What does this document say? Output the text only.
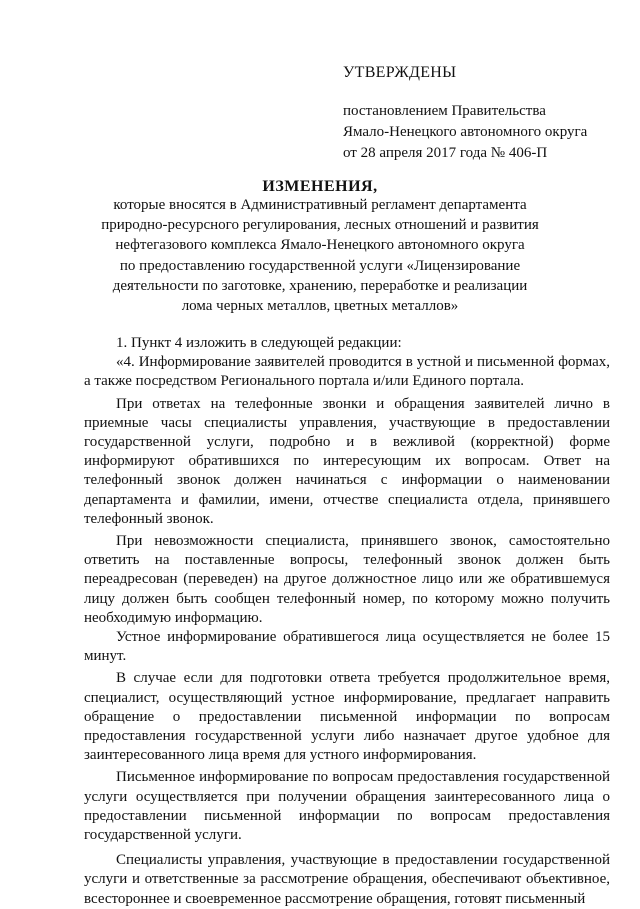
УТВЕРЖДЕНЫ
постановлением Правительства
Ямало-Ненецкого автономного округа
от 28 апреля 2017 года № 406-П
ИЗМЕНЕНИЯ,
которые вносятся в Административный регламент департамента
природно-ресурсного регулирования, лесных отношений и развития
нефтегазового комплекса Ямало-Ненецкого автономного округа
по предоставлению государственной услуги «Лицензирование
деятельности по заготовке, хранению, переработке и реализации
лома черных металлов, цветных металлов»

1. Пункт 4 изложить в следующей редакции:

«4. Информирование заявителей проводится в устной и письменной формах, а также посредством Регионального портала и/или Единого портала.

При ответах на телефонные звонки и обращения заявителей лично в приемные часы специалисты управления, участвующие в предоставлении государственной услуги, подробно и в вежливой (корректной) форме информируют обратившихся по интересующим их вопросам. Ответ на телефонный звонок должен начинаться с информации о наименовании департамента и фамилии, имени, отчестве специалиста отдела, принявшего телефонный звонок.

При невозможности специалиста, принявшего звонок, самостоятельно ответить на поставленные вопросы, телефонный звонок должен быть переадресован (переведен) на другое должностное лицо или же обратившемуся лицу должен быть сообщен телефонный номер, по которому можно получить необходимую информацию.

Устное информирование обратившегося лица осуществляется не более 15 минут.

В случае если для подготовки ответа требуется продолжительное время, специалист, осуществляющий устное информирование, предлагает направить обращение о предоставлении письменной информации по вопросам предоставления государственной услуги либо назначает другое удобное для заинтересованного лица время для устного информирования.

Письменное информирование по вопросам предоставления государственной услуги осуществляется при получении обращения заинтересованного лица о предоставлении письменной информации по вопросам предоставления государственной услуги.

Специалисты управления, участвующие в предоставлении государственной услуги и ответственные за рассмотрение обращения, обеспечивают объективное, всестороннее и своевременное рассмотрение обращения, готовят письменный
